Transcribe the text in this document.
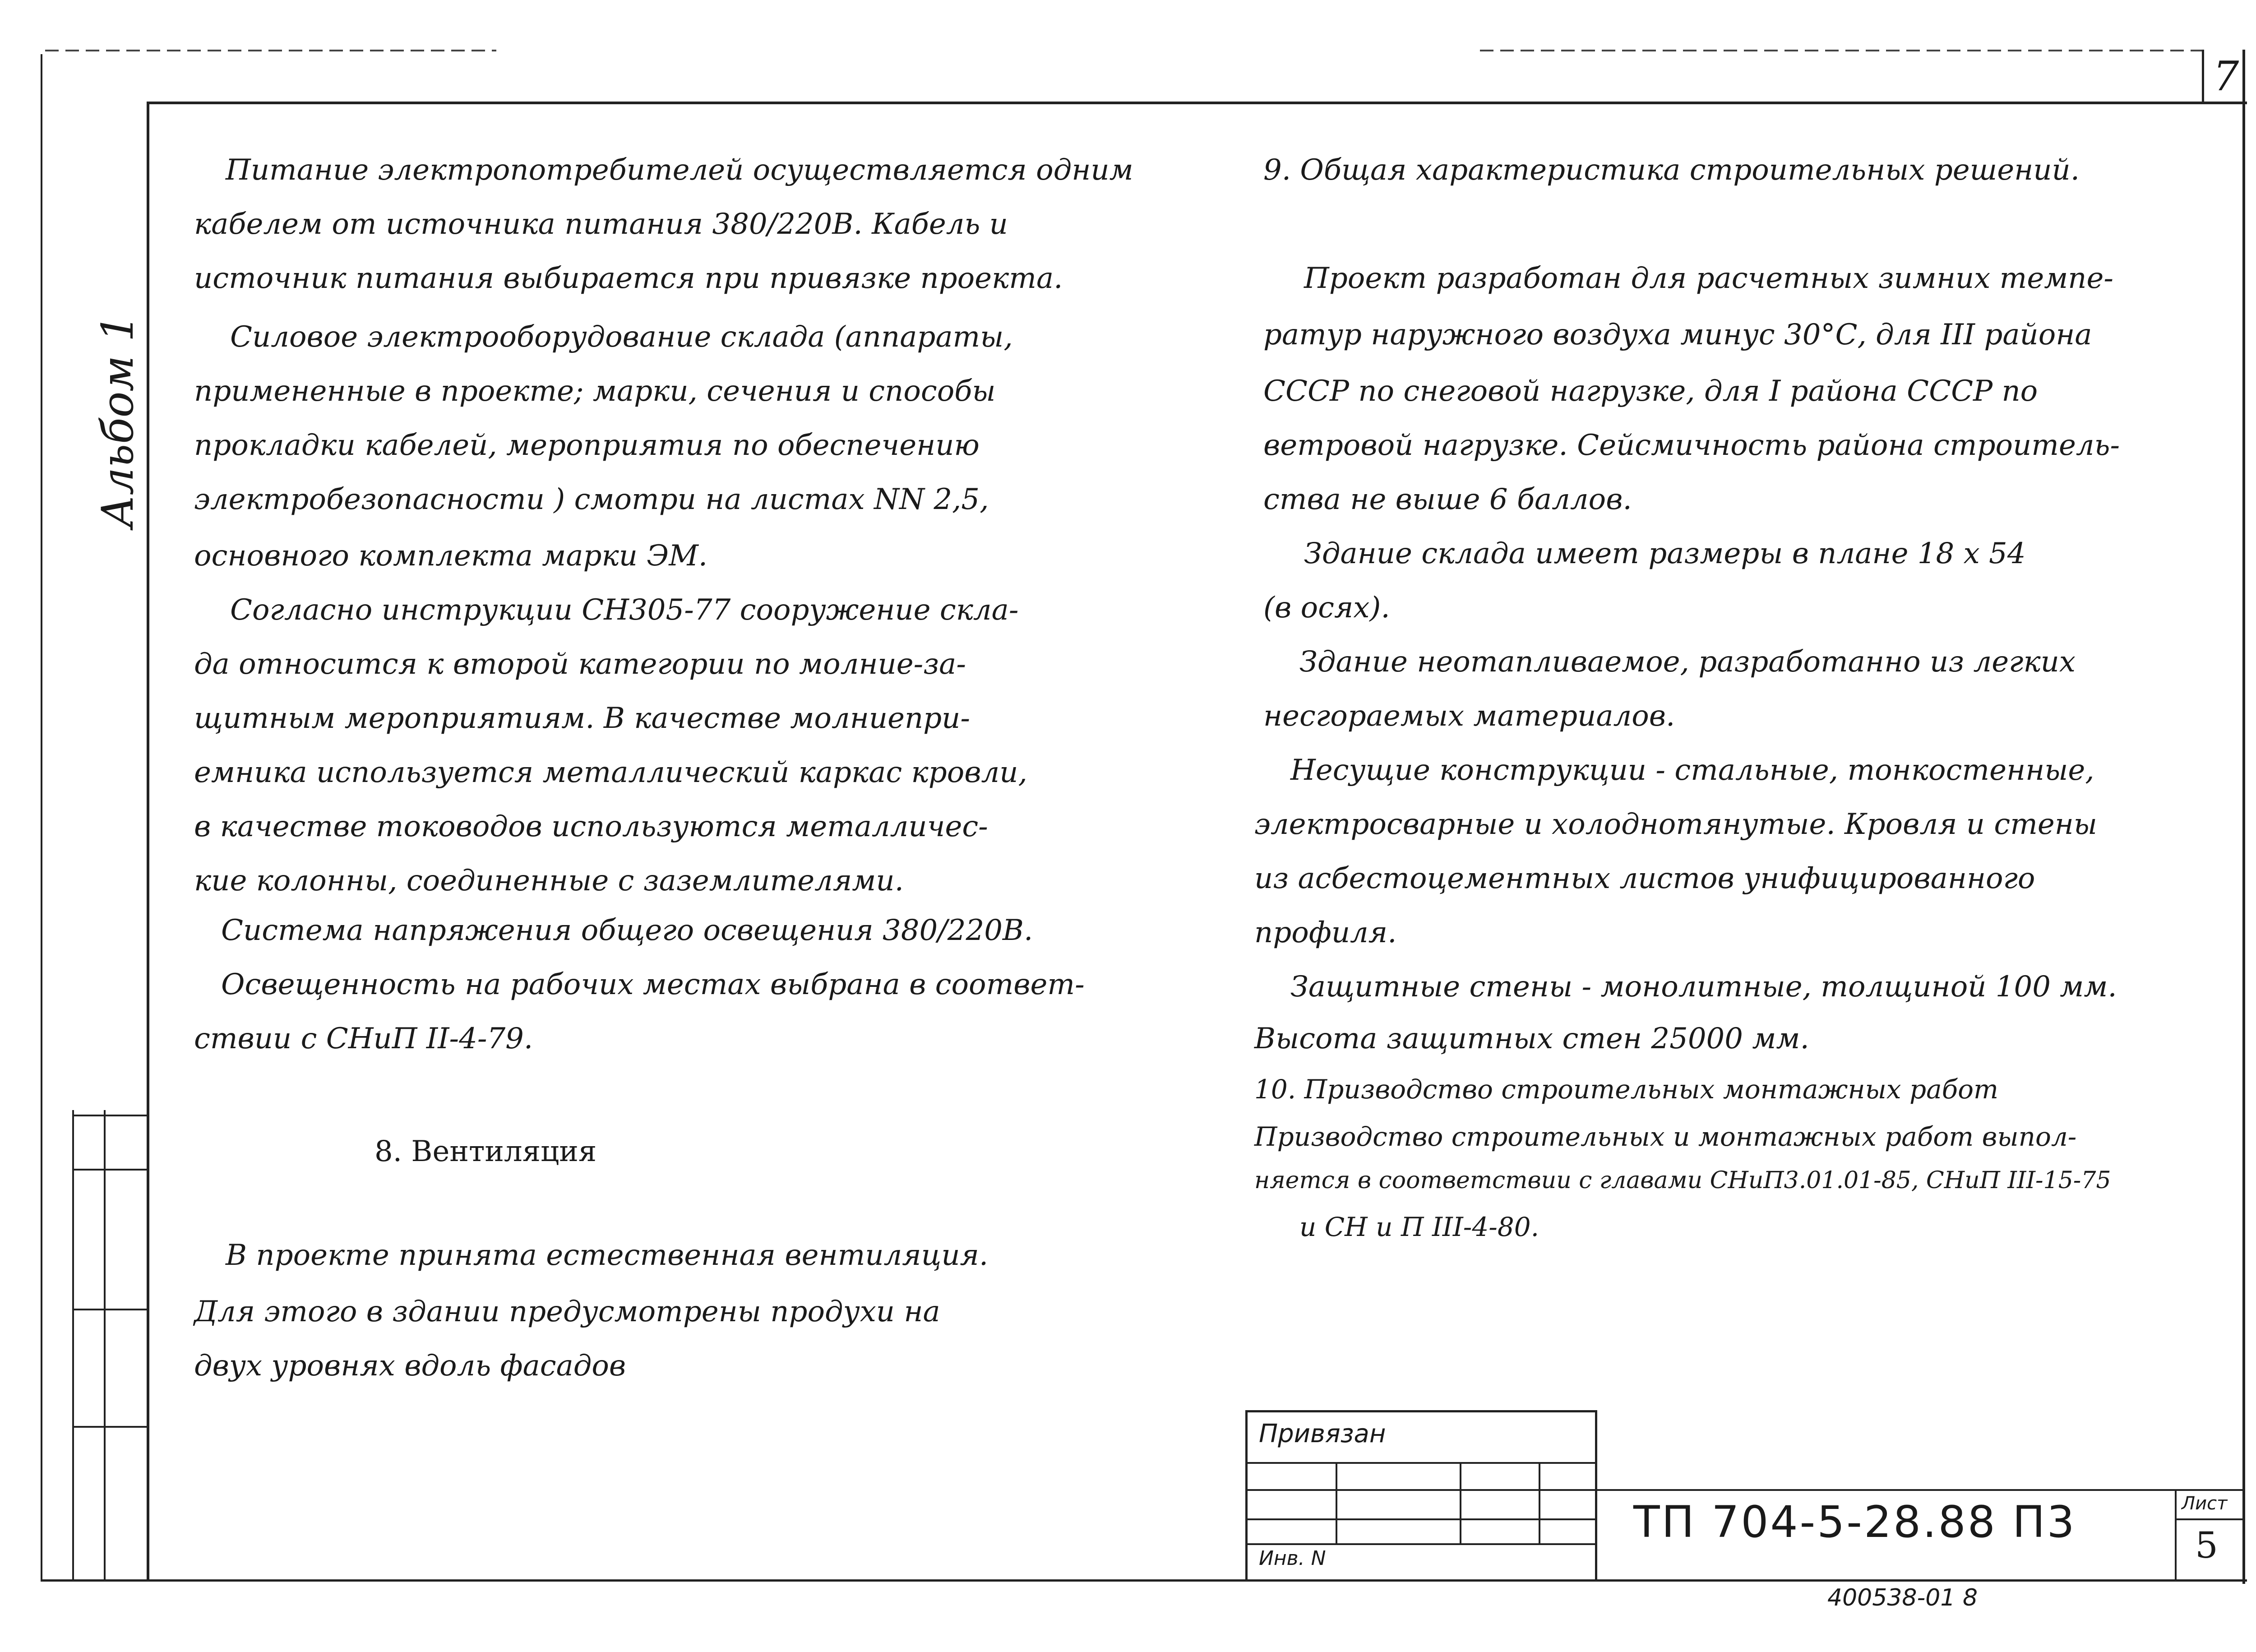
7
Альбом 1
Питание электропотребителей осуществляется одним
кабелем от источника питания 380/220В. Кабель и
источник питания выбирается при привязке проекта.
Силовое электрооборудование склада (аппараты,
примененные в проекте; марки, сечения и способы
прокладки кабелей, мероприятия по обеспечению
электробезопасности ) смотри на листах NN 2,5,
основного комплекта марки ЭМ.
Согласно инструкции СН305-77 сооружение скла-
да относится к второй категории по молние-за-
щитным мероприятиям. В качестве молниепри-
емника используется металлический каркас кровли,
в качестве тоководов используются металличес-
кие колонны, соединенные с заземлителями.
Система напряжения общего освещения 380/220В.
Освещенность на рабочих местах выбрана в соответ-
ствии с СНиП II-4-79.
8. Вентиляция
В проекте принята естественная вентиляция.
Для этого в здании предусмотрены продухи на
двух уровнях вдоль фасадов
9. Общая характеристика строительных решений.
Проект разработан для расчетных зимних темпе-
ратур наружного воздуха минус 30°С, для III района
СССР по снеговой нагрузке, для I района СССР по
ветровой нагрузке. Сейсмичность района строитель-
ства не выше 6 баллов.
Здание склада имеет размеры в плане 18 х 54
(в осях).
Здание неотапливаемое, разработанно из легких
несгораемых материалов.
Несущие конструкции - стальные, тонкостенные,
электросварные и холоднотянутые. Кровля и стены
из асбестоцементных листов унифицированного
профиля.
Защитные стены - монолитные, толщиной 100 мм.
Высота защитных стен 25000 мм.
10. Призводство строительных монтажных работ
Призводство строительных и монтажных работ выпол-
няется в соответствии с главами СНиП3.01.01-85, СНиП III-15-75
и СН и П III-4-80.
Привязан
Инв. N
Лист
5
ТП 704-5-28.88 П3
400538-01 8
